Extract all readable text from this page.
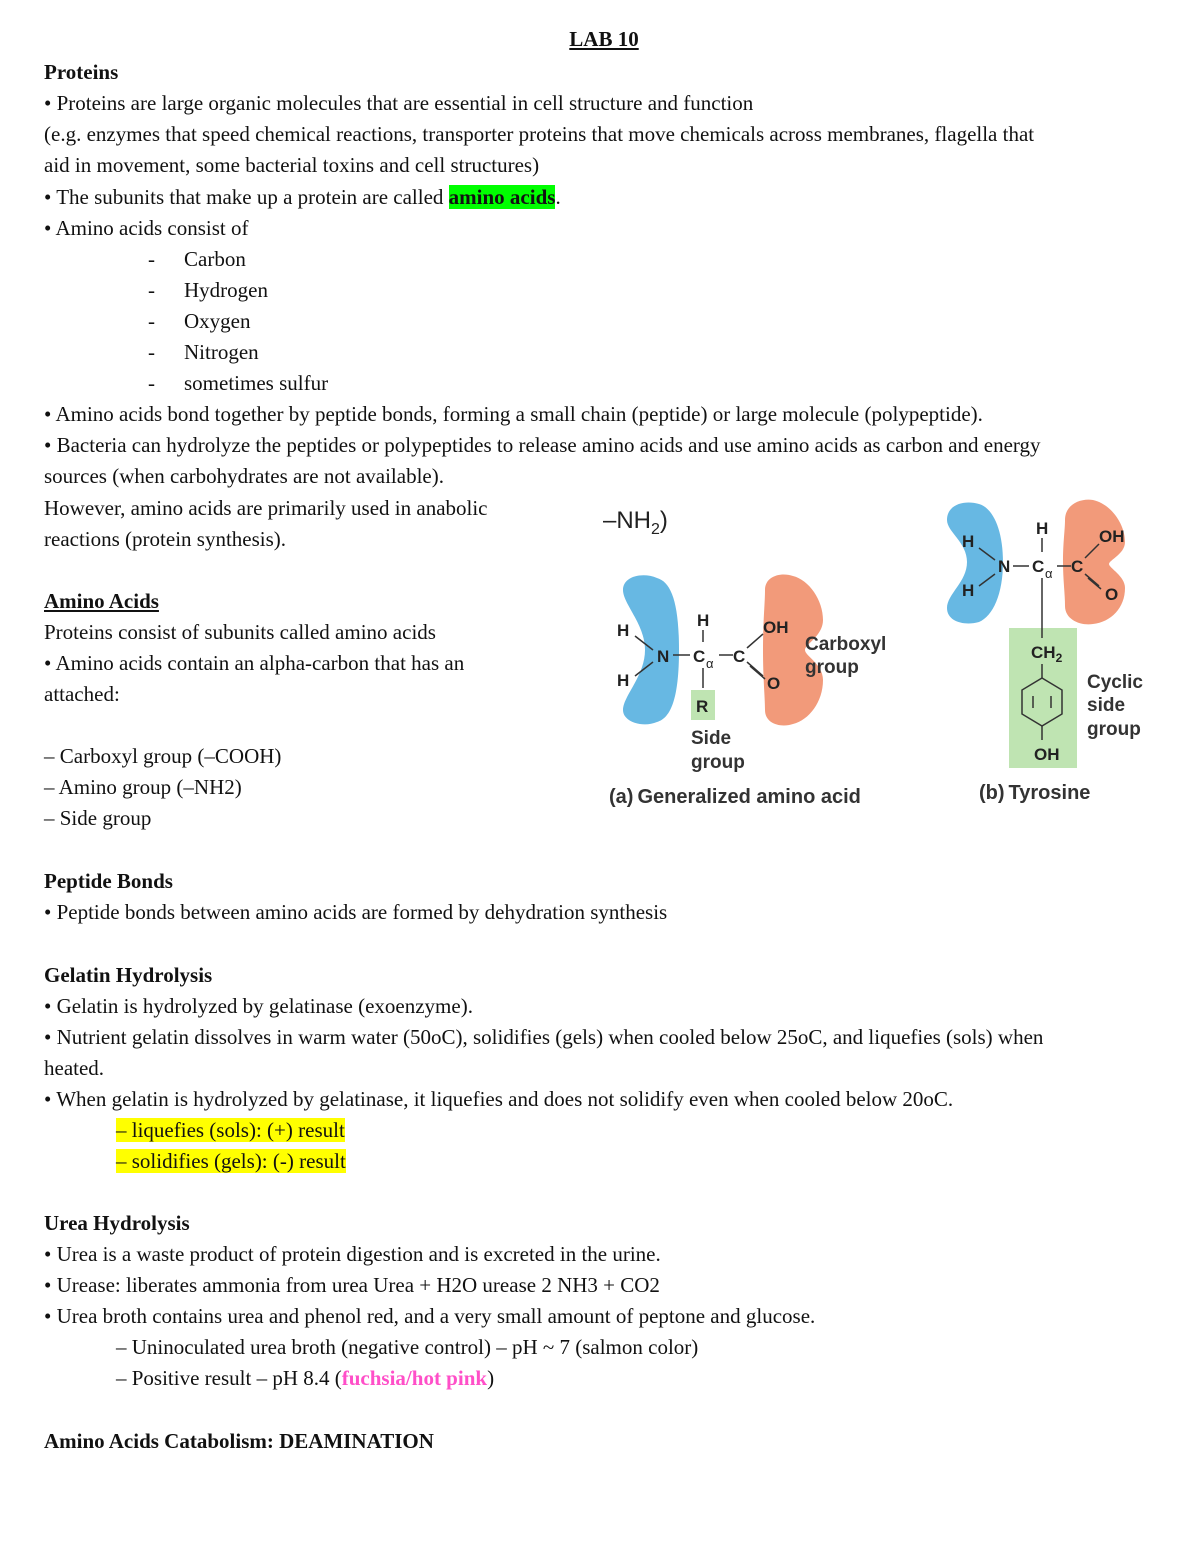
LAB 10
Proteins
• Proteins are large organic molecules that are essential in cell structure and function
(e.g. enzymes that speed chemical reactions, transporter proteins that move chemicals across membranes, flagella that
aid in movement, some bacterial toxins and cell structures)
• The subunits that make up a protein are called amino acids.
• Amino acids consist of
- Carbon
- Hydrogen
- Oxygen
- Nitrogen
- sometimes sulfur
• Amino acids bond together by peptide bonds, forming a small chain (peptide) or large molecule (polypeptide).
• Bacteria can hydrolyze the peptides or polypeptides to release amino acids and use amino acids as carbon and energy
sources (when carbohydrates are not available).
However, amino acids are primarily used in anabolic
reactions (protein synthesis).
Amino Acids
Proteins consist of subunits called amino acids
• Amino acids contain an alpha-carbon that has an
attached:
– Carboxyl group (–COOH)
– Amino group (–NH2)
– Side group
$-NH_2$)
H
H
N
H
C α
R
C
OH
O
Carboxyl
group
Side
group
(a) Generalized amino acid
H
H
N
H
C α C
OH
O
$CH_2$
OH
Cyclic
side
group
(b) Tyrosine
Peptide Bonds
• Peptide bonds between amino acids are formed by dehydration synthesis
Gelatin Hydrolysis
• Gelatin is hydrolyzed by gelatinase (exoenzyme).
• Nutrient gelatin dissolves in warm water (50oC), solidifies (gels) when cooled below 25oC, and liquefies (sols) when
heated.
• When gelatin is hydrolyzed by gelatinase, it liquefies and does not solidify even when cooled below 20oC.
– liquefies (sols): (+) result
– solidifies (gels): (-) result
Urea Hydrolysis
• Urea is a waste product of protein digestion and is excreted in the urine.
• Urease: liberates ammonia from urea Urea + H2O urease 2 NH3 + CO2
• Urea broth contains urea and phenol red, and a very small amount of peptone and glucose.
– Uninoculated urea broth (negative control) – pH ~ 7 (salmon color)
– Positive result – pH 8.4 (fuchsia/hot pink)
Amino Acids Catabolism: DEAMINATION
